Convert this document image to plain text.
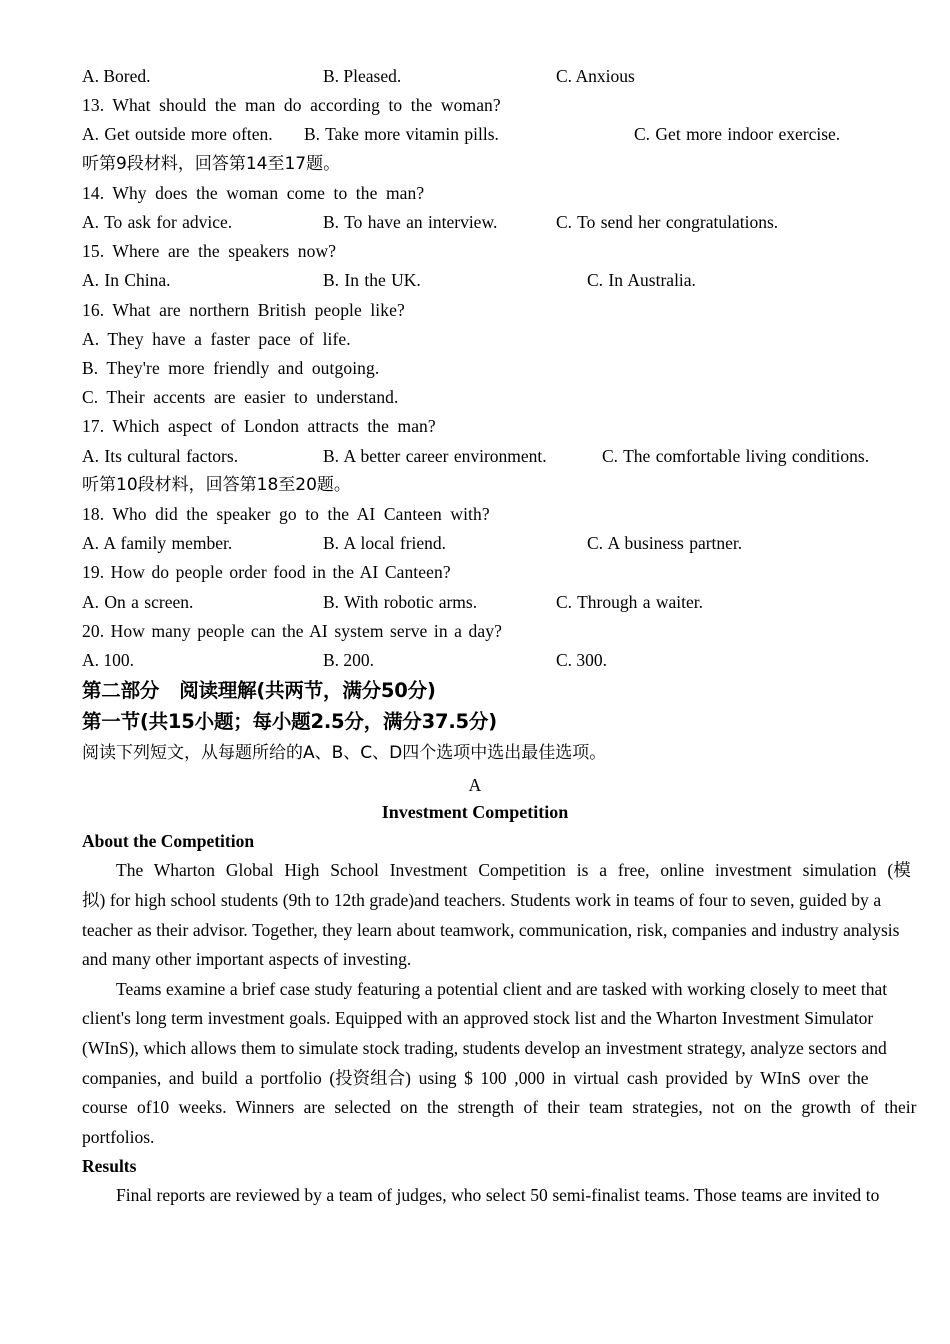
A. Bored.	B. Pleased.	C. Anxious
13. What should the man do according to the woman?
A. Get outside more often. B. Take more vitamin pills.	C. Get more indoor exercise.
听第9段材料，回答第14至17题。
14. Why does the woman come to the man?
A. To ask for advice.	B. To have an interview.	C. To send her congratulations.
15. Where are the speakers now?
A. In China.	B. In the UK.	C. In Australia.
16. What are northern British people like?
A. They have a faster pace of life.
B. They're more friendly and outgoing.
C. Their accents are easier to understand.
17. Which aspect of London attracts the man?
A. Its cultural factors.	B. A better career environment.	C. The comfortable living conditions.
听第10段材料，回答第18至20题。
18. Who did the speaker go to the AI Canteen with?
A. A family member.	B. A local friend.	C. A business partner.
19. How do people order food in the AI Canteen?
A. On a screen.	B. With robotic arms.	C. Through a waiter.
20. How many people can the AI system serve in a day?
A. 100.	B. 200.	C. 300.
第二部分 阅读理解(共两节，满分50分)
第一节(共15小题；每小题2.5分，满分37.5分)
阅读下列短文，从每题所给的A、B、C、D四个选项中选出最佳选项。
A
Investment Competition
About the Competition
The Wharton Global High School Investment Competition is a free, online investment simulation (模
拟) for high school students (9th to 12th grade)and teachers. Students work in teams of four to seven, guided by a
teacher as their advisor. Together, they learn about teamwork, communication, risk, companies and industry analysis
and many other important aspects of investing.
Teams examine a brief case study featuring a potential client and are tasked with working closely to meet that
client's long term investment goals. Equipped with an approved stock list and the Wharton Investment Simulator
(WInS), which allows them to simulate stock trading, students develop an investment strategy, analyze sectors and
companies, and build a portfolio (投资组合) using $ 100 ,000 in virtual cash provided by WInS over the
course of10 weeks. Winners are selected on the strength of their team strategies, not on the growth of their
portfolios.
Results
Final reports are reviewed by a team of judges, who select 50 semi-finalist teams. Those teams are invited to
